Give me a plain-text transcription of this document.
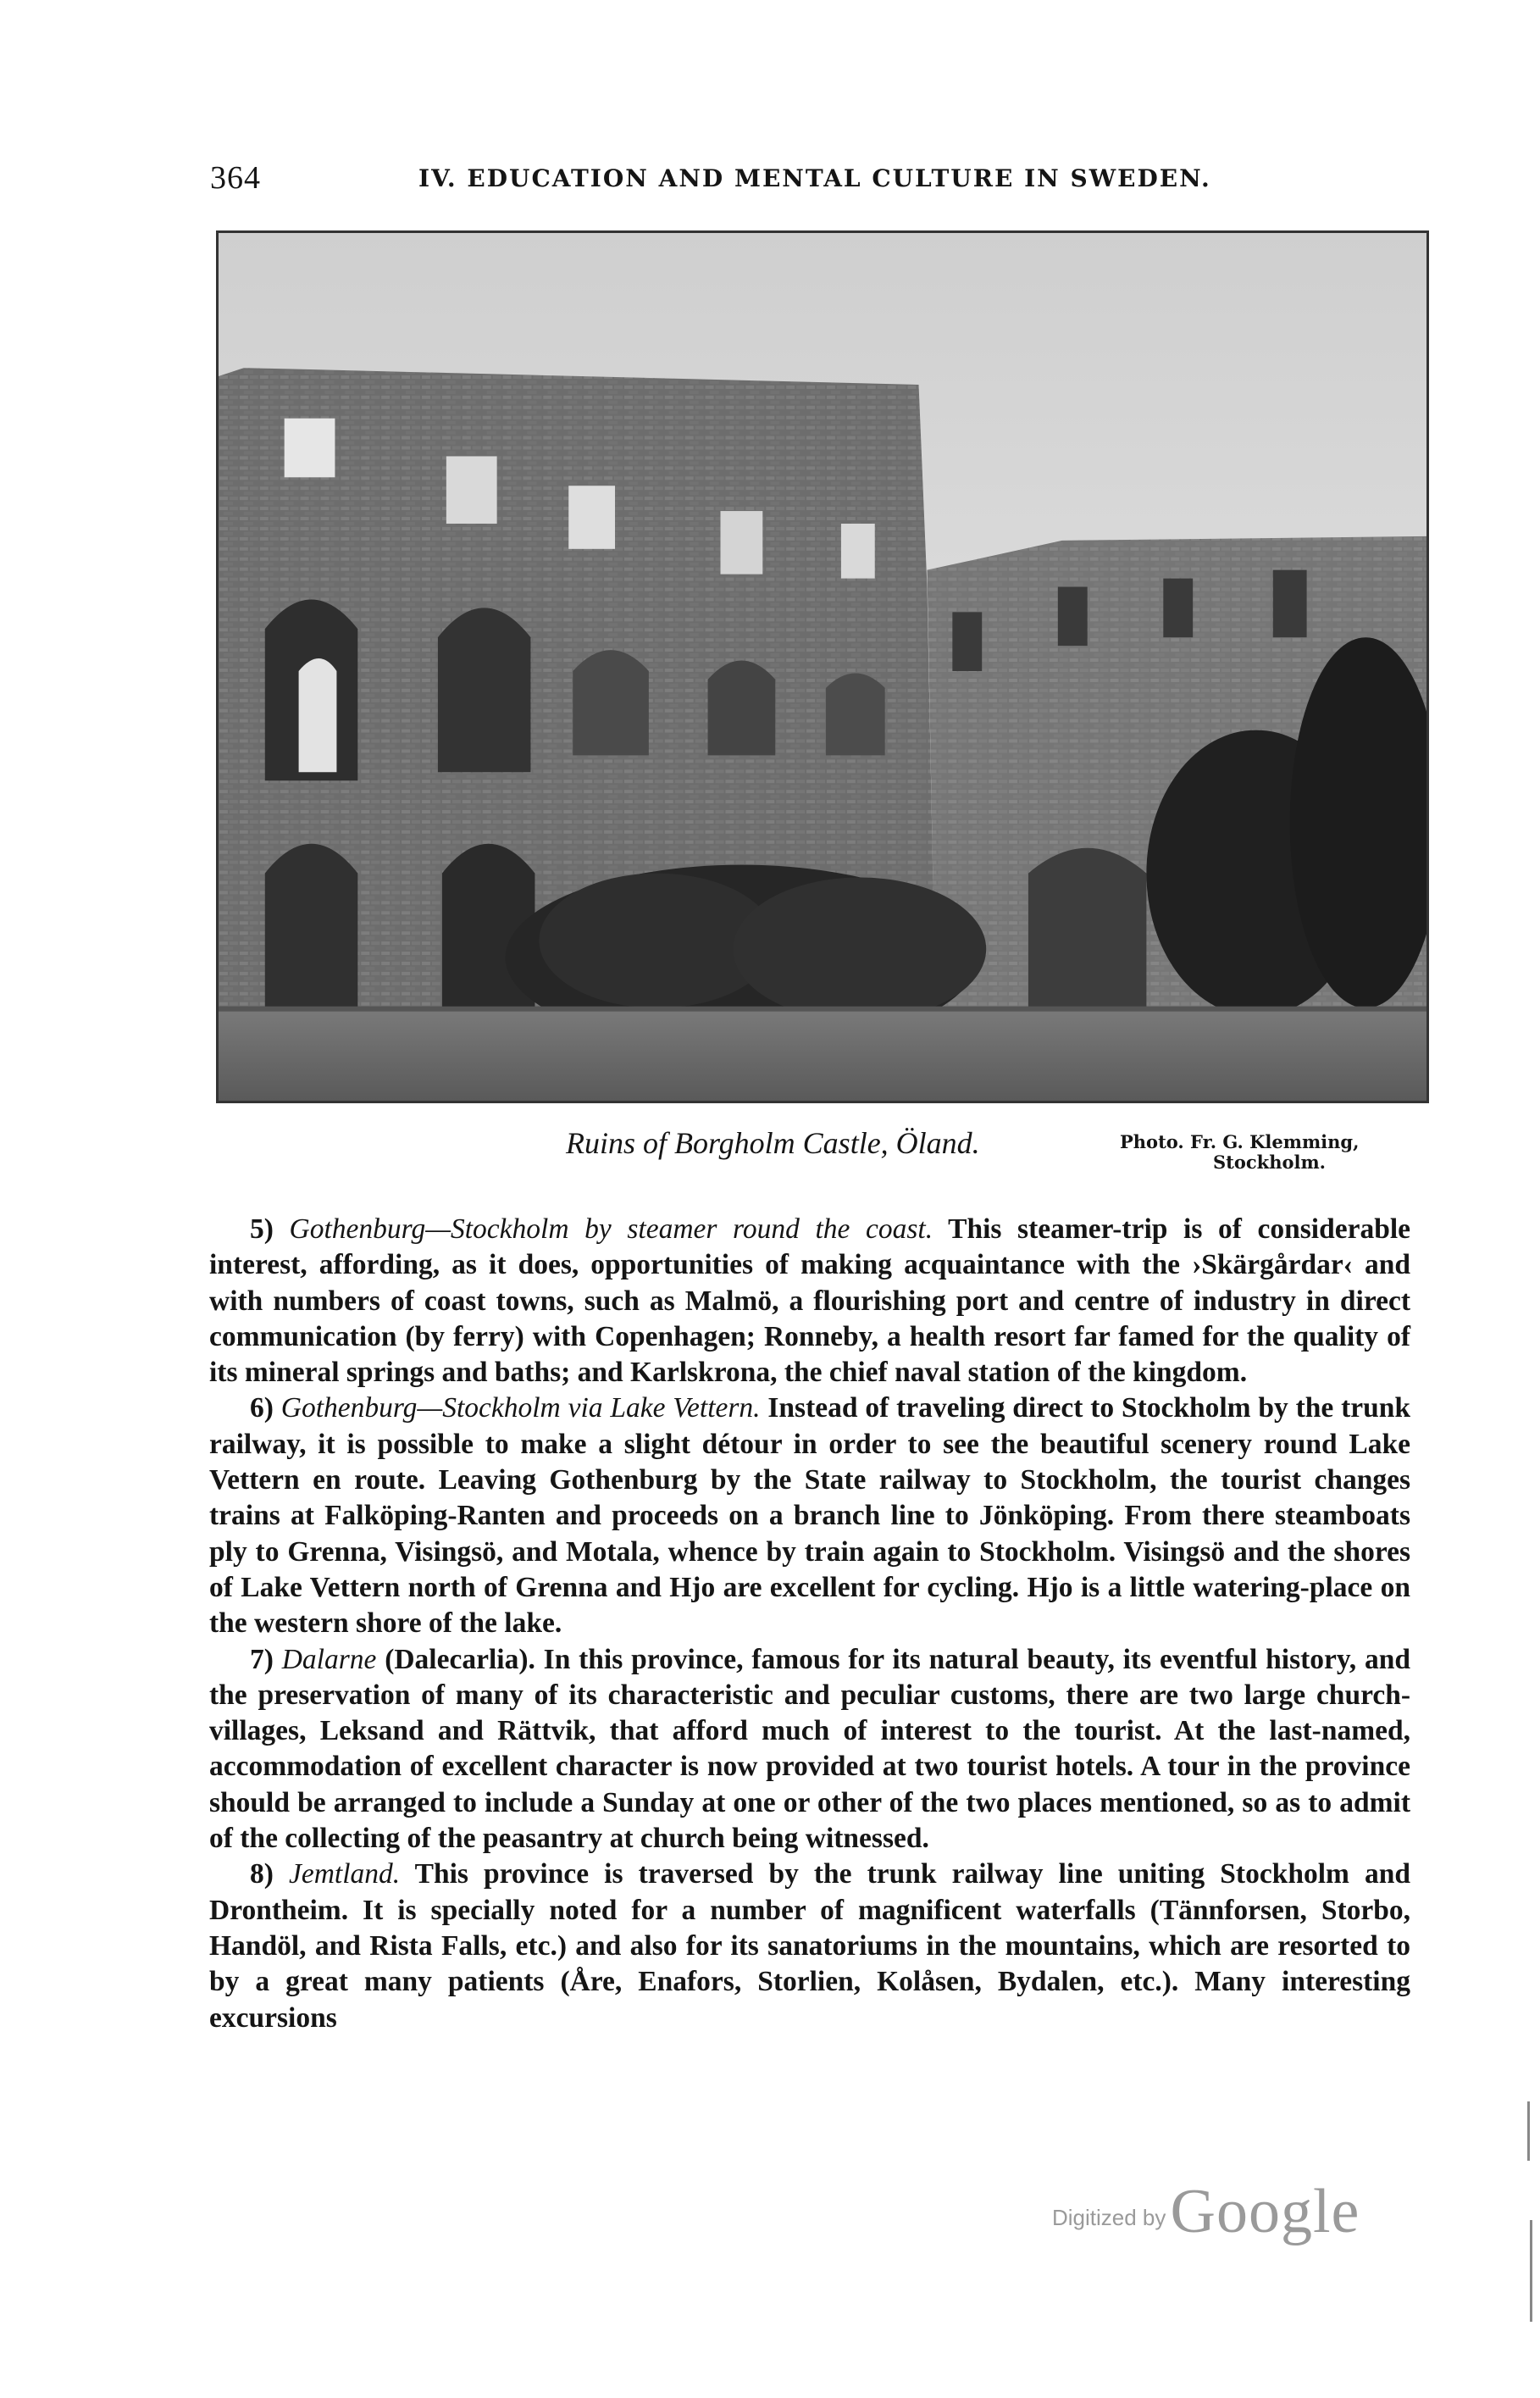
364	IV. EDUCATION AND MENTAL CULTURE IN SWEDEN.
Ruins of Borgholm Castle, Öland.	Photo. Fr. G. Klemming,
Stockholm.

5) Gothenburg—Stockholm by steamer round the coast. This steamer-trip is of considerable interest, affording, as it does, opportunities of making acquaintance with the ›Skärgårdar‹ and with numbers of coast towns, such as Malmö, a flourishing port and centre of industry in direct communication (by ferry) with Copenhagen; Ronneby, a health resort far famed for the quality of its mineral springs and baths; and Karlskrona, the chief naval station of the kingdom.

6) Gothenburg—Stockholm via Lake Vettern. Instead of traveling direct to Stockholm by the trunk railway, it is possible to make a slight détour in order to see the beautiful scenery round Lake Vettern en route. Leaving Gothenburg by the State railway to Stockholm, the tourist changes trains at Falköping-Ranten and proceeds on a branch line to Jönköping. From there steamboats ply to Grenna, Visingsö, and Motala, whence by train again to Stockholm. Visingsö and the shores of Lake Vettern north of Grenna and Hjo are excellent for cycling. Hjo is a little watering-place on the western shore of the lake.

7) Dalarne (Dalecarlia). In this province, famous for its natural beauty, its eventful history, and the preservation of many of its characteristic and peculiar customs, there are two large church-villages, Leksand and Rättvik, that afford much of interest to the tourist. At the last-named, accommodation of excellent character is now provided at two tourist hotels. A tour in the province should be arranged to include a Sunday at one or other of the two places mentioned, so as to admit of the collecting of the peasantry at church being witnessed.

8) Jemtland. This province is traversed by the trunk railway line uniting Stockholm and Drontheim. It is specially noted for a number of magnificent waterfalls (Tännforsen, Storbo, Handöl, and Rista Falls, etc.) and also for its sanatoriums in the mountains, which are resorted to by a great many patients (Åre, Enafors, Storlien, Kolåsen, Bydalen, etc.). Many interesting excursions

Digitized by Google
